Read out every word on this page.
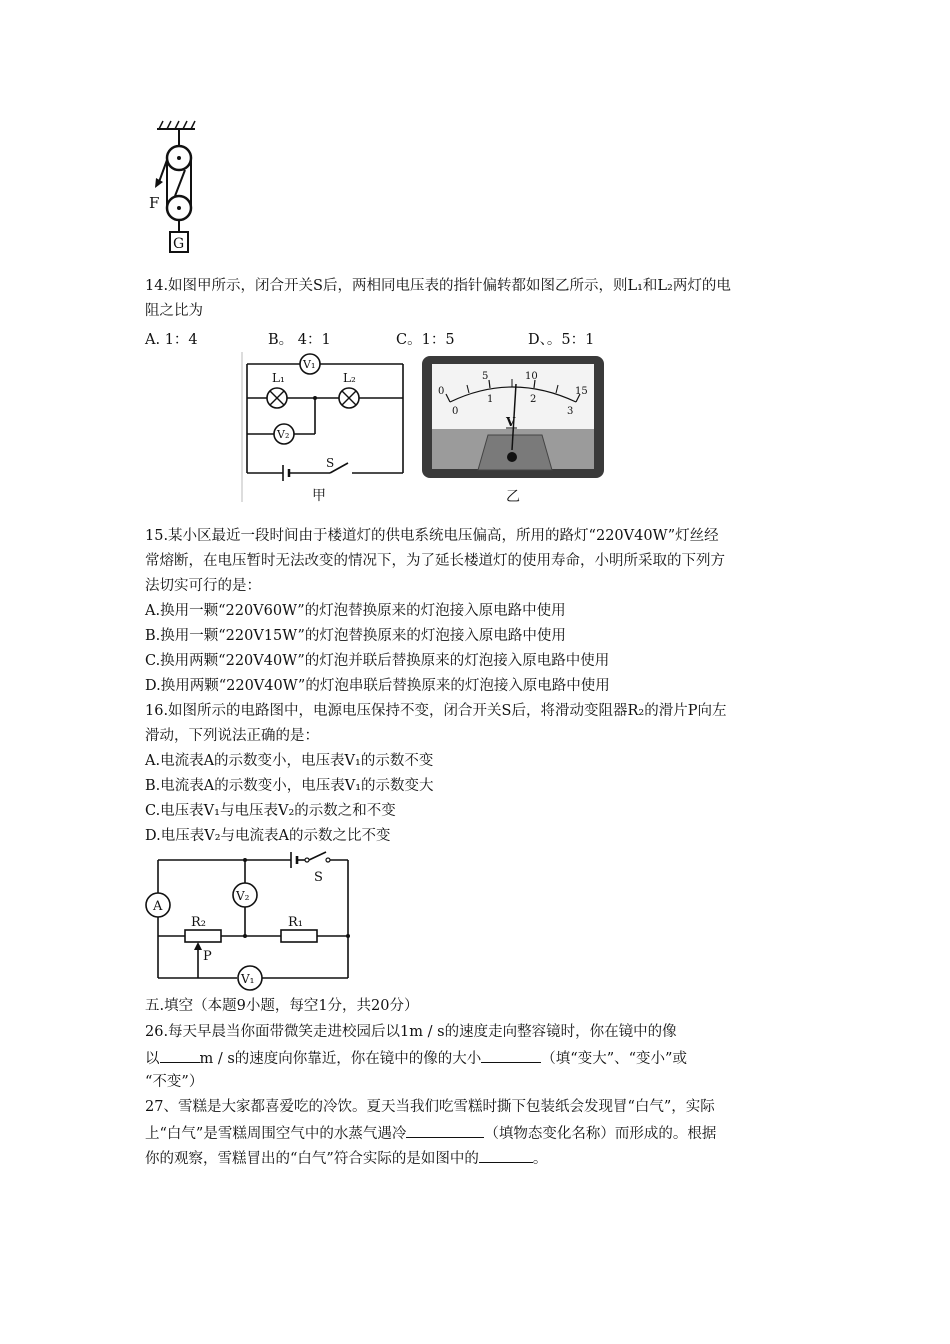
F
G
14.如图甲所示，闭合开关S后，两相同电压表的指针偏转都如图乙所示，则L₁和L₂两灯的电
阻之比为
A. 1：4	B。 4：1	C。1：5	D、。5：1
S
V₁
L₁	L₂
V₂
甲
0
5	10
15
0
1	2
3
V
乙
15.某小区最近一段时间由于楼道灯的供电系统电压偏高，所用的路灯“220V40W”灯丝经
常熔断，在电压暂时无法改变的情况下，为了延长楼道灯的使用寿命，小明所采取的下列方
法切实可行的是：
A.换用一颗“220V60W”的灯泡替换原来的灯泡接入原电路中使用
B.换用一颗“220V15W”的灯泡替换原来的灯泡接入原电路中使用
C.换用两颗“220V40W”的灯泡并联后替换原来的灯泡接入原电路中使用
D.换用两颗“220V40W”的灯泡串联后替换原来的灯泡接入原电路中使用
16.如图所示的电路图中，电源电压保持不变，闭合开关S后，将滑动变阻器R₂的滑片P向左
滑动，下列说法正确的是：
A.电流表A的示数变小，电压表V₁的示数不变
B.电流表A的示数变小，电压表V₁的示数变大
C.电压表V₁与电压表V₂的示数之和不变
D.电压表V₂与电流表A的示数之比不变
S
A
V₁
V₂
R₂	R₁
P
五.填空（本题9小题，每空1分，共20分）
26.每天早晨当你面带微笑走进校园后以1m / s的速度走向整容镜时，你在镜中的像
以	m / s的速度向你靠近，你在镜中的像的大小	（填“变大”、“变小”或
“不变”）
27、雪糕是大家都喜爱吃的冷饮。夏天当我们吃雪糕时撕下包装纸会发现冒“白气”，实际
上“白气”是雪糕周围空气中的水蒸气遇冷	（填物态变化名称）而形成的。根据
你的观察，雪糕冒出的“白气”符合实际的是如图中的	。
